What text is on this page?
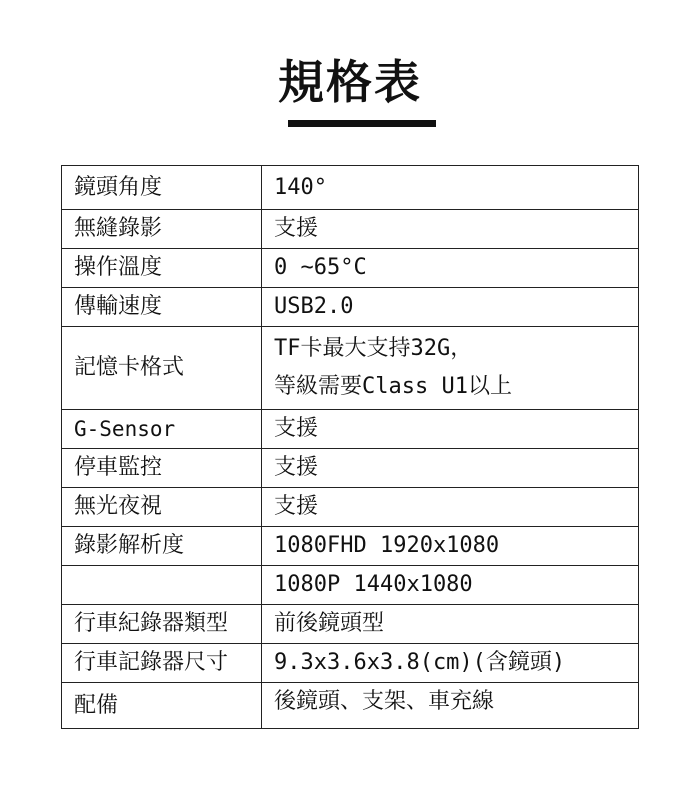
規格表
鏡頭角度	140°
無縫錄影	支援
操作溫度	0 ~65°C
傳輸速度	USB2.0
記憶卡格式	TF卡最大支持32G，
等級需要Class U1以上

G-Sensor	支援
停車監控	支援
無光夜視	支援
錄影解析度	1080FHD 1920x1080
	1080P 1440x1080
行車紀錄器類型	前後鏡頭型
行車記錄器尺寸	9.3x3.6x3.8(cm)(含鏡頭)
配備	後鏡頭、支架、車充線
